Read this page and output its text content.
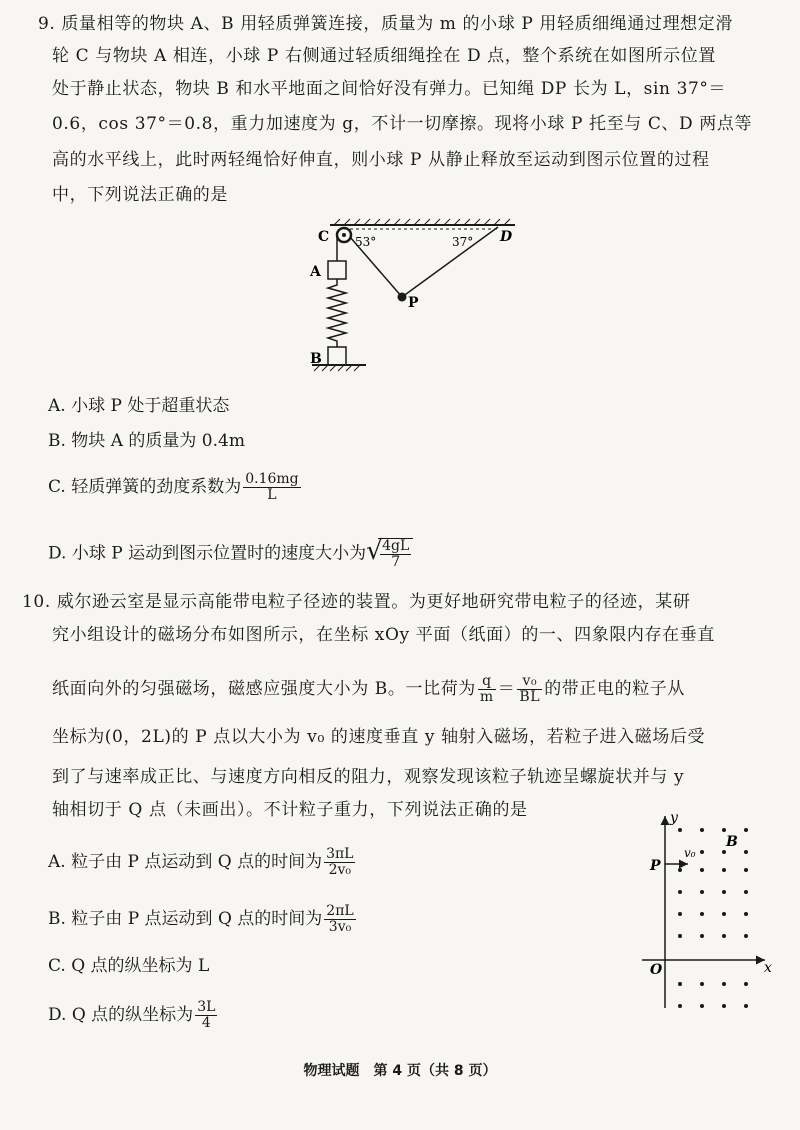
9. 质量相等的物块 A、B 用轻质弹簧连接，质量为 m 的小球 P 用轻质细绳通过理想定滑
轮 C 与物块 A 相连，小球 P 右侧通过轻质细绳拴在 D 点，整个系统在如图所示位置
处于静止状态，物块 B 和水平地面之间恰好没有弹力。已知绳 DP 长为 L，sin 37°＝
0.6，cos 37°＝0.8，重力加速度为 g，不计一切摩擦。现将小球 P 托至与 C、D 两点等
高的水平线上，此时两轻绳恰好伸直，则小球 P 从静止释放至运动到图示位置的过程
中，下列说法正确的是
C	D
A
B
P
53°	37°
A. 小球 P 处于超重状态
B. 物块 A 的质量为 0.4m
C. 轻质弹簧的劲度系数为 $\frac{0.16mg}{L}$
D. 小球 P 运动到图示位置时的速度大小为 √
$\frac{4gL}{7}$
10. 威尔逊云室是显示高能带电粒子径迹的装置。为更好地研究带电粒子的径迹，某研
究小组设计的磁场分布如图所示，在坐标 xOy 平面（纸面）的一、四象限内存在垂直
纸面向外的匀强磁场，磁感应强度大小为 B。一比荷为 $\frac{q}{m} = \frac{\text{v₀}}{BL}$ 的带正电的粒子从
坐标为(0，2L)的 P 点以大小为 v₀ 的速度垂直 y 轴射入磁场，若粒子进入磁场后受
到了与速率成正比、与速度方向相反的阻力，观察发现该粒子轨迹呈螺旋状并与 y
轴相切于 Q 点（未画出）。不计粒子重力，下列说法正确的是	y
x
O
P
v₀
B
A. 粒子由 P 点运动到 Q 点的时间为 $\frac{3\pi L}{\text{2v₀}}$
B. 粒子由 P 点运动到 Q 点的时间为 $\frac{2\pi L}{\text{3v₀}}$
C. Q 点的纵坐标为 L
D. Q 点的纵坐标为 $\frac{3L}{4}$
物理试题　第 4 页（共 8 页）
